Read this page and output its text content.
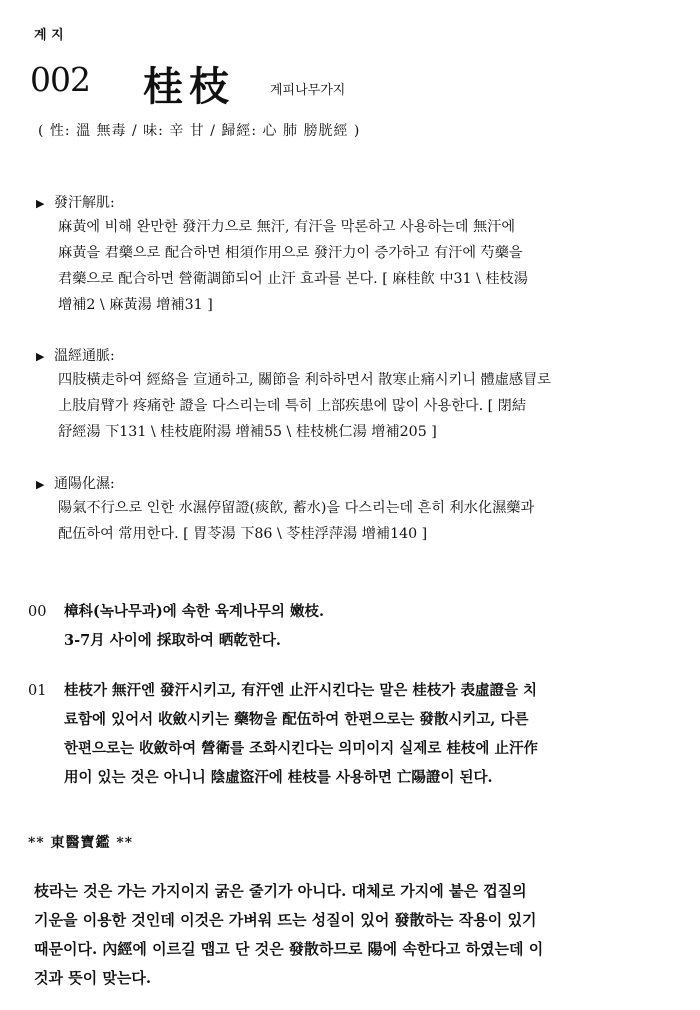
계 지
002 桂枝	계피나무가지
( 性: 溫 無毒 / 味: 辛 甘 / 歸經: 心 肺 膀胱經 )
▶ 發汗解肌:
麻黃에 비해 완만한 發汗力으로 無汗, 有汗을 막론하고 사용하는데 無汗에
麻黃을 君藥으로 配合하면 相須作用으로 發汗力이 증가하고 有汗에 芍藥을
君藥으로 配合하면 營衛調節되어 止汗 효과를 본다. [ 麻桂飮 中31 \ 桂枝湯
增補2 \ 麻黃湯 增補31 ]
▶ 溫經通脈:
四肢橫走하여 經絡을 宣通하고, 關節을 利하하면서 散寒止痛시키니 體虛感冒로
上肢肩臂가 疼痛한 證을 다스리는데 특히 上部疾患에 많이 사용한다. [ 閉結
舒經湯 下131 \ 桂枝鹿附湯 增補55 \ 桂枝桃仁湯 增補205 ]
▶ 通陽化濕:
陽氣不行으로 인한 水濕停留證(痰飮, 蓄水)을 다스리는데 흔히 利水化濕藥과
配伍하여 常用한다. [ 胃苓湯 下86 \ 苓桂浮萍湯 增補140 ]
00 樟科(녹나무과)에 속한 육계나무의 嫩枝.
3-7月 사이에 採取하여 晒乾한다.
01 桂枝가 無汗엔 發汗시키고, 有汗엔 止汗시킨다는 말은 桂枝가 表虛證을 치
료함에 있어서 收斂시키는 藥物을 配伍하여 한편으로는 發散시키고, 다른
한편으로는 收斂하여 營衛를 조화시킨다는 의미이지 실제로 桂枝에 止汗作
用이 있는 것은 아니니 陰虛盜汗에 桂枝를 사용하면 亡陽證이 된다.
** 東醫寶鑑 **
枝라는 것은 가는 가지이지 굵은 줄기가 아니다. 대체로 가지에 붙은 껍질의
기운을 이용한 것인데 이것은 가벼워 뜨는 성질이 있어 發散하는 작용이 있기
때문이다. 內經에 이르길 맵고 단 것은 發散하므로 陽에 속한다고 하였는데 이
것과 뜻이 맞는다.
